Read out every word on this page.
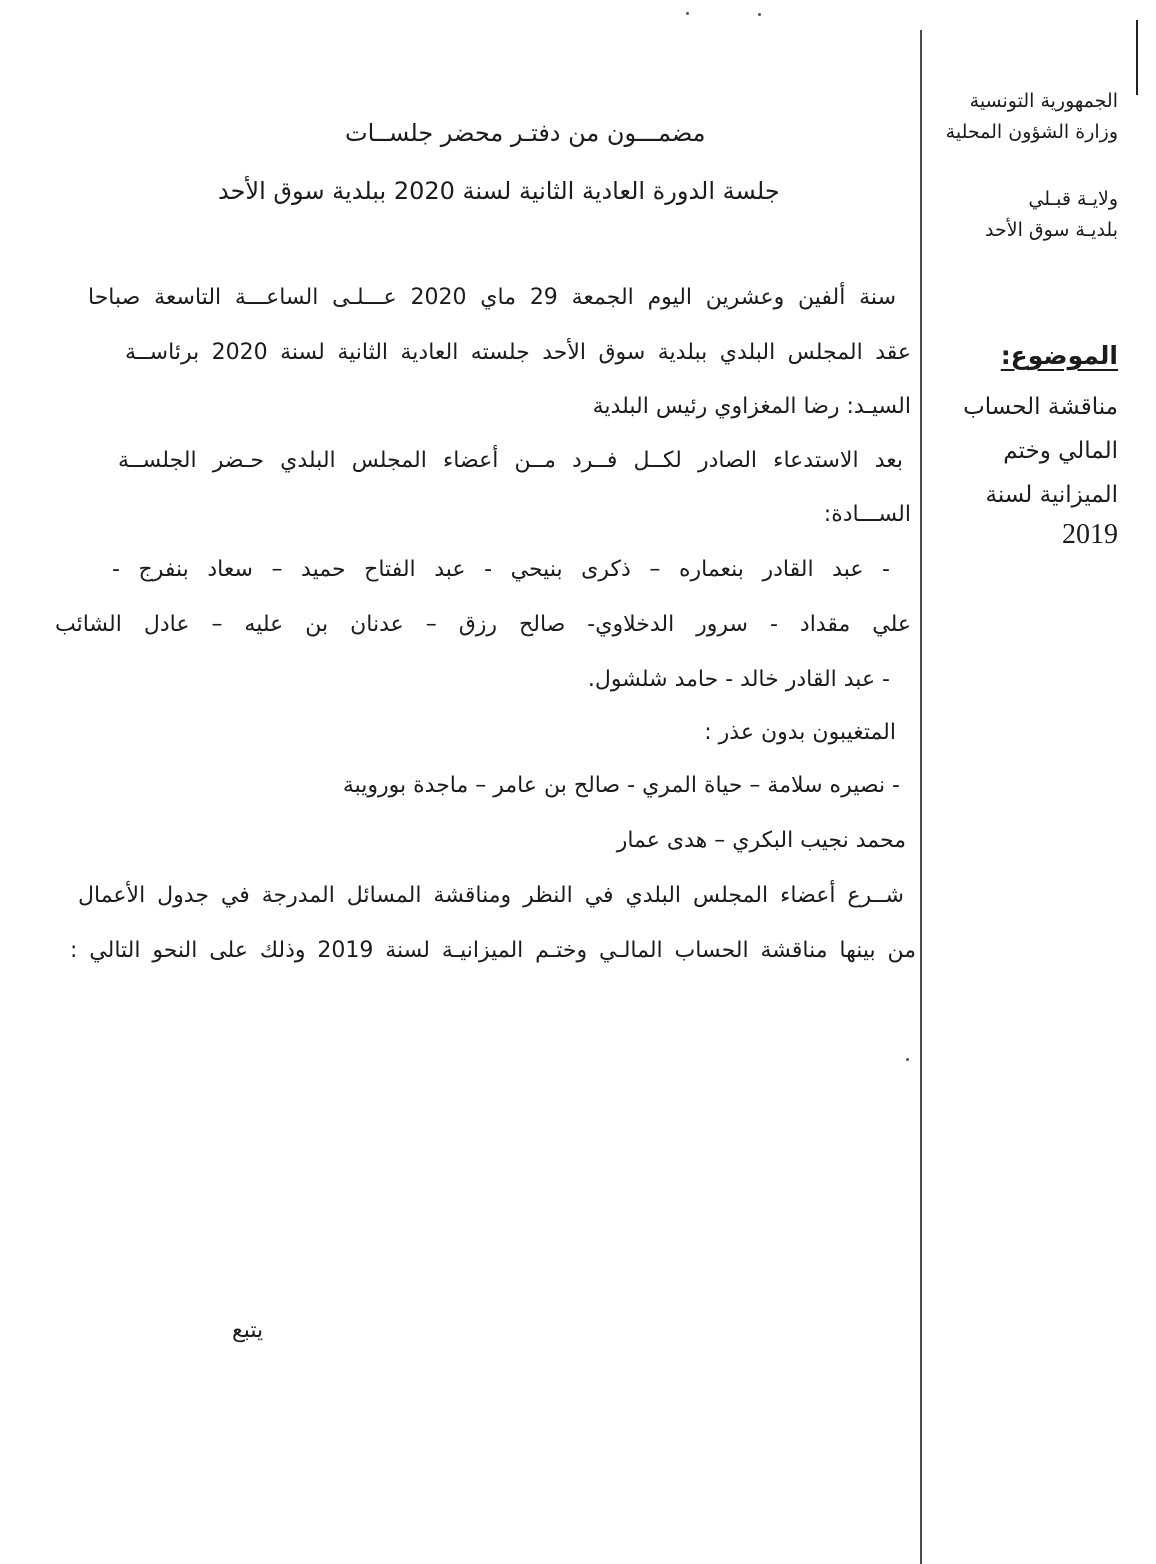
الجمهورية التونسية
وزارة الشؤون المحلية
ولايـة قبـلي
بلديـة سوق الأحد
الموضوع:
مناقشة الحساب
المالي وختم
الميزانية لسنة
2019
مضمـــون من دفتـر محضر جلســات
جلسة الدورة العادية الثانية لسنة 2020 ببلدية سوق الأحد
سنة ألفين وعشرين اليوم الجمعة 29 ماي 2020 عـــلـى الساعـــة التاسعة صباحا
عقد المجلس البلدي ببلدية سوق الأحد جلسته العادية الثانية لسنة 2020 برئاســة
السيـد: رضا المغزاوي رئيس البلدية
بعد الاستدعاء الصادر لكــل فــرد مــن أعضاء المجلس البلدي حـضر الجلســة
الســـادة:
- عبد القادر بنعماره – ذكرى بنيحي - عبد الفتاح حميد – سعاد بنفرج -
علي مقداد - سرور الدخلاوي- صالح رزق – عدنان بن عليه – عادل الشائب
- عبد القادر خالد - حامد شلشول.
المتغيبون بدون عذر :
- نصيره سلامة – حياة المري - صالح بن عامر – ماجدة بورويبة
محمد نجيب البكري – هدى عمار
شــرع أعضاء المجلس البلدي في النظر ومناقشة المسائل المدرجة في جدول الأعمال
من بينها مناقشة الحساب المالـي وختـم الميزانيـة لسنة 2019 وذلك على النحو التالي :
يتبع
